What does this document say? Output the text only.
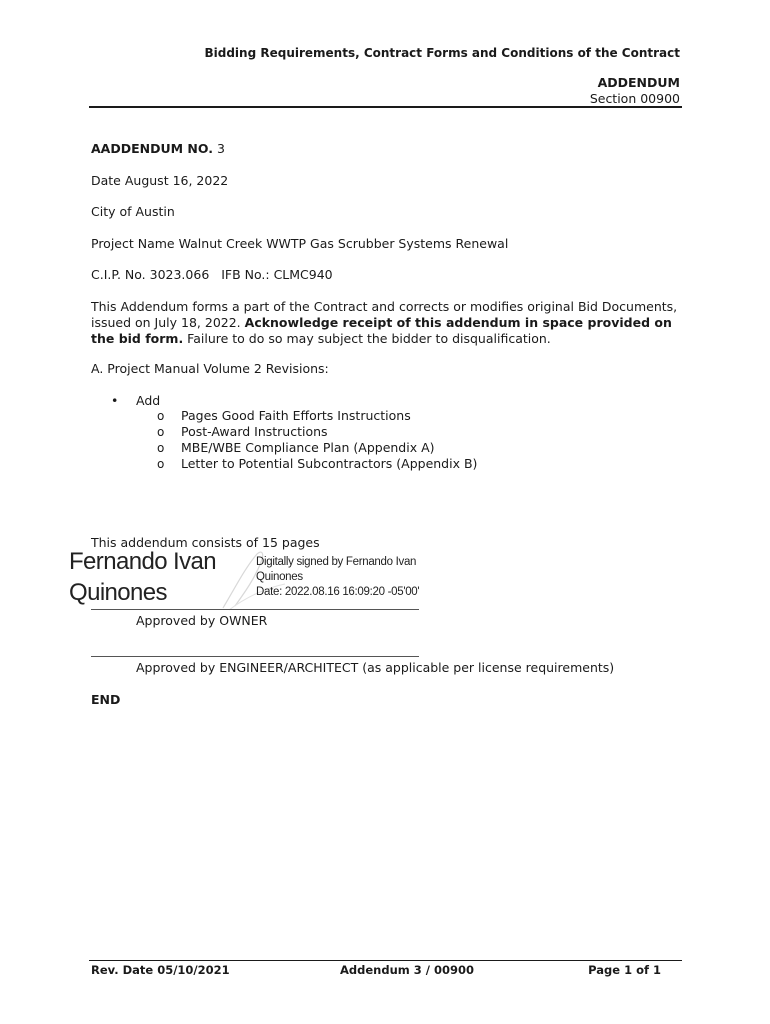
Bidding Requirements, Contract Forms and Conditions of the Contract
ADDENDUM
Section 00900
AADDENDUM NO. 3
Date August 16, 2022
City of Austin
Project Name Walnut Creek WWTP Gas Scrubber Systems Renewal
C.I.P. No. 3023.066 IFB No.: CLMC940
This Addendum forms a part of the Contract and corrects or modifies original Bid Documents, issued on July 18, 2022. Acknowledge receipt of this addendum in space provided on the bid form. Failure to do so may subject the bidder to disqualification.
A. Project Manual Volume 2 Revisions:
• Add
o Pages Good Faith Efforts Instructions
o Post-Award Instructions
o MBE/WBE Compliance Plan (Appendix A)
o Letter to Potential Subcontractors (Appendix B)
This addendum consists of 15 pages
Fernando Ivan
Quinones
Digitally signed by Fernando Ivan
Quinones
Date: 2022.08.16 16:09:20 -05'00'
Approved by OWNER
Approved by ENGINEER/ARCHITECT (as applicable per license requirements)
END
Rev. Date 05/10/2021	Addendum 3 / 00900	Page 1 of 1
